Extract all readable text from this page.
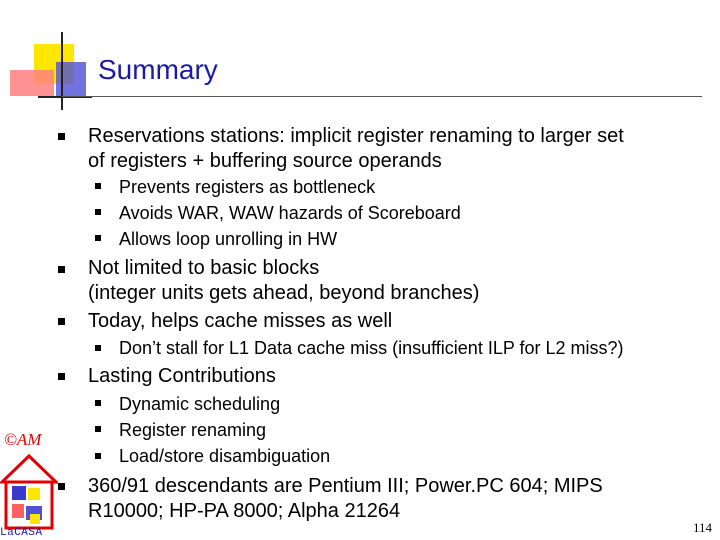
Summary
Reservations stations: implicit register renaming to larger set
of registers + buffering source operands
Prevents registers as bottleneck
Avoids WAR, WAW hazards of Scoreboard
Allows loop unrolling in HW
Not limited to basic blocks
(integer units gets ahead, beyond branches)
Today, helps cache misses as well
Don’t stall for L1 Data cache miss (insufficient ILP for L2 miss?)
Lasting Contributions
Dynamic scheduling
Register renaming
Load/store disambiguation
360/91 descendants are Pentium III; Power.PC 604; MIPS
R10000; HP-PA 8000; Alpha 21264
©AM
LaCASA	114
